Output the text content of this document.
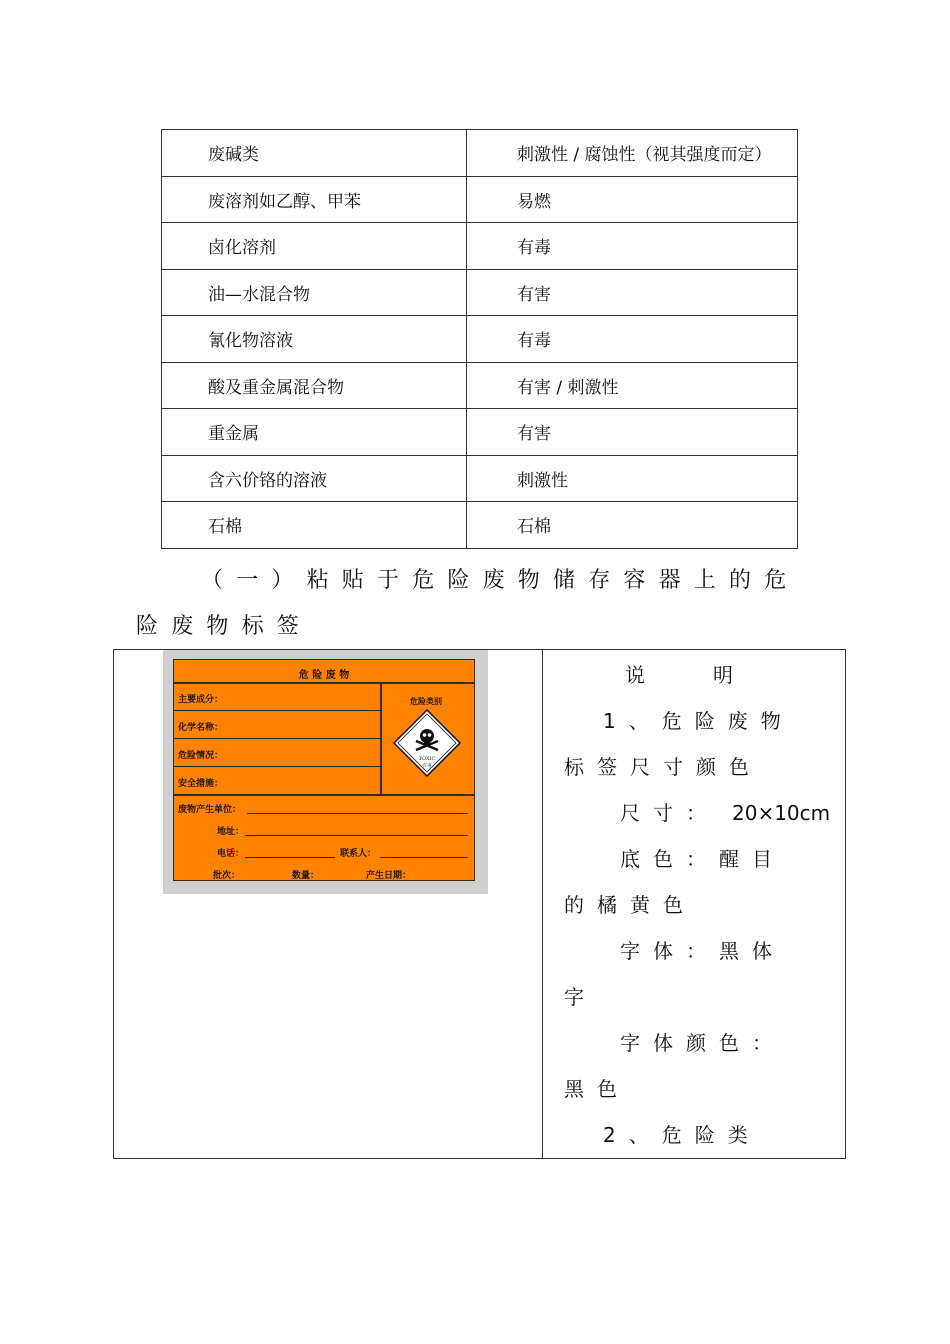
废碱类	刺激性 / 腐蚀性（视其强度而定）
废溶剂如乙醇、甲苯	易燃
卤化溶剂	有毒
油—水混合物	有害
氰化物溶液	有毒
酸及重金属混合物	有害 / 刺激性
重金属	有害
含六价铬的溶液	刺激性
石棉	石棉
（一）粘贴于危险废物储存容器上的危
险废物标签
危 险 废 物
主要成分：
化学名称：
危险情况：
安全措施：
危险类别
TOXIC
有毒
废物产生单位：
地址：
电话：	联系人：
批次：	数量：	产生日期：
说　　　明
1、危险废物
标签尺寸颜色
尺寸： 20×10cm
底色：醒目
的橘黄色
字体：黑体
字
字体颜色：
黑色
2、危险类
